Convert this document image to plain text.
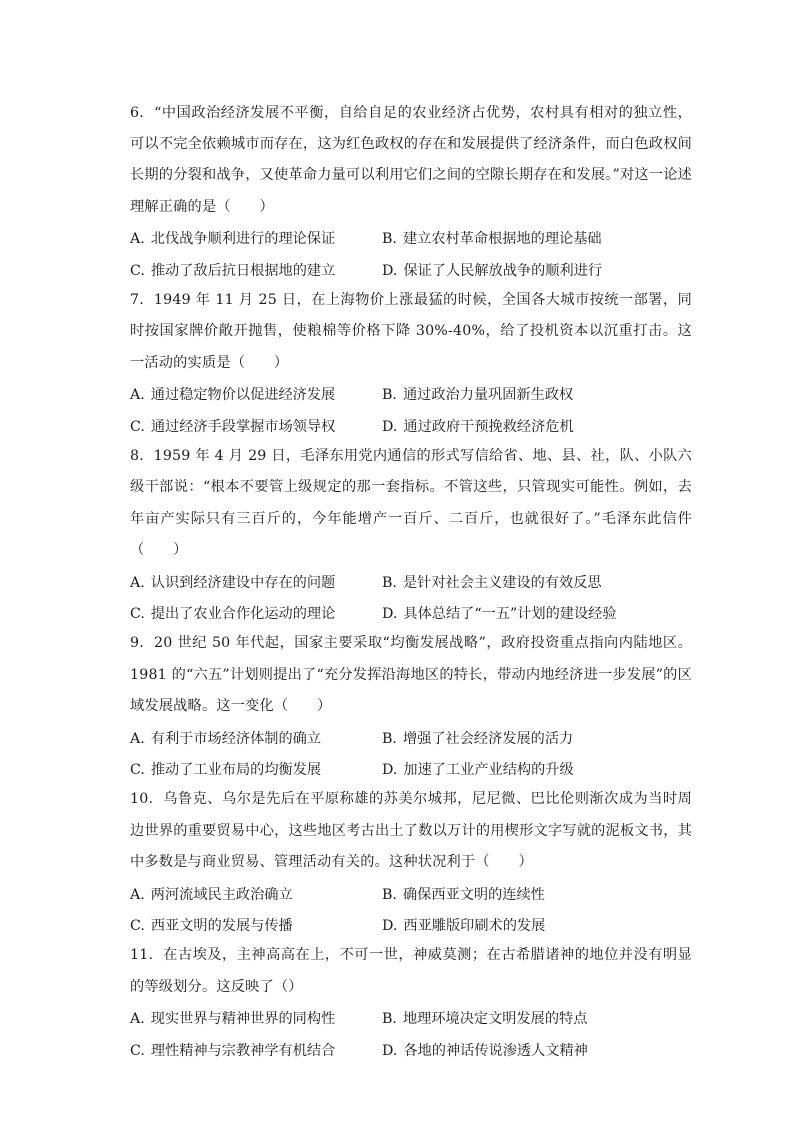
6. “中国政治经济发展不平衡，自给自足的农业经济占优势，农村具有相对的独立性，可以不完全依赖城市而存在，这为红色政权的存在和发展提供了经济条件，而白色政权间长期的分裂和战争，又使革命力量可以利用它们之间的空隙长期存在和发展。”对这一论述理解正确的是（　　）

A. 北伐战争顺利进行的理论保证	B. 建立农村革命根据地的理论基础
C. 推动了敌后抗日根据地的建立	D. 保证了人民解放战争的顺利进行

7. 1949 年 11 月 25 日，在上海物价上涨最猛的时候，全国各大城市按统一部署，同时按国家牌价敞开抛售，使粮棉等价格下降 30%-40%，给了投机资本以沉重打击。这一活动的实质是（　　）

A. 通过稳定物价以促进经济发展	B. 通过政治力量巩固新生政权
C. 通过经济手段掌握市场领导权	D. 通过政府干预挽救经济危机

8. 1959 年 4 月 29 日，毛泽东用党内通信的形式写信给省、地、县、社，队、小队六级干部说：“根本不要管上级规定的那一套指标。不管这些，只管现实可能性。例如，去年亩产实际只有三百斤的，今年能增产一百斤、二百斤，也就很好了。”毛泽东此信件（　　）

A. 认识到经济建设中存在的问题	B. 是针对社会主义建设的有效反思
C. 提出了农业合作化运动的理论	D. 具体总结了“一五”计划的建设经验

9. 20 世纪 50 年代起，国家主要采取“均衡发展战略”，政府投资重点指向内陆地区。1981 的“六五”计划则提出了“充分发挥沿海地区的特长，带动内地经济进一步发展”的区域发展战略。这一变化（　　）

A. 有利于市场经济体制的确立	B. 增强了社会经济发展的活力
C. 推动了工业布局的均衡发展	D. 加速了工业产业结构的升级

10. 乌鲁克、乌尔是先后在平原称雄的苏美尔城邦，尼尼微、巴比伦则渐次成为当时周边世界的重要贸易中心，这些地区考古出土了数以万计的用楔形文字写就的泥板文书，其中多数是与商业贸易、管理活动有关的。这种状况利于（　　）

A. 两河流域民主政治确立	B. 确保西亚文明的连续性
C. 西亚文明的发展与传播	D. 西亚雕版印刷术的发展

11. 在古埃及，主神高高在上，不可一世，神威莫测；在古希腊诸神的地位并没有明显的等级划分。这反映了（）

A. 现实世界与精神世界的同构性	B. 地理环境决定文明发展的特点
C. 理性精神与宗教神学有机结合	D. 各地的神话传说渗透人文精神
